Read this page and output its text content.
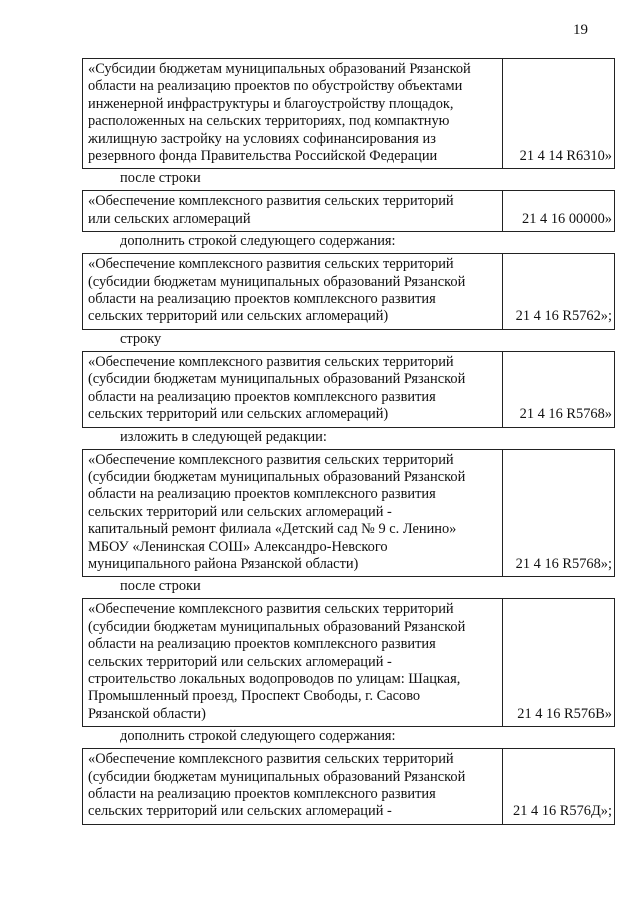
19
«Субсидии бюджетам муниципальных образований Рязанской
области на реализацию проектов по обустройству объектами
инженерной инфраструктуры и благоустройству площадок,
расположенных на сельских территориях, под компактную
жилищную застройку на условиях софинансирования из
резервного фонда Правительства Российской Федерации	21 4 14 R6310»
после строки
«Обеспечение комплексного развития сельских территорий
или сельских агломераций	21 4 16 00000»
дополнить строкой следующего содержания:
«Обеспечение комплексного развития сельских территорий
(субсидии бюджетам муниципальных образований Рязанской
области на реализацию проектов комплексного развития
сельских территорий или сельских агломераций)	21 4 16 R5762»;
строку
«Обеспечение комплексного развития сельских территорий
(субсидии бюджетам муниципальных образований Рязанской
области на реализацию проектов комплексного развития
сельских территорий или сельских агломераций)	21 4 16 R5768»
изложить в следующей редакции:
«Обеспечение комплексного развития сельских территорий
(субсидии бюджетам муниципальных образований Рязанской
области на реализацию проектов комплексного развития
сельских территорий или сельских агломераций -
капитальный ремонт филиала «Детский сад № 9 с. Ленино»
МБОУ «Ленинская СОШ» Александро-Невского
муниципального района Рязанской области)	21 4 16 R5768»;
после строки
«Обеспечение комплексного развития сельских территорий
(субсидии бюджетам муниципальных образований Рязанской
области на реализацию проектов комплексного развития
сельских территорий или сельских агломераций -
строительство локальных водопроводов по улицам: Шацкая,
Промышленный проезд, Проспект Свободы, г. Сасово
Рязанской области)	21 4 16 R576B»
дополнить строкой следующего содержания:
«Обеспечение комплексного развития сельских территорий
(субсидии бюджетам муниципальных образований Рязанской
области на реализацию проектов комплексного развития
сельских территорий или сельских агломераций -	21 4 16 R576Д»;
